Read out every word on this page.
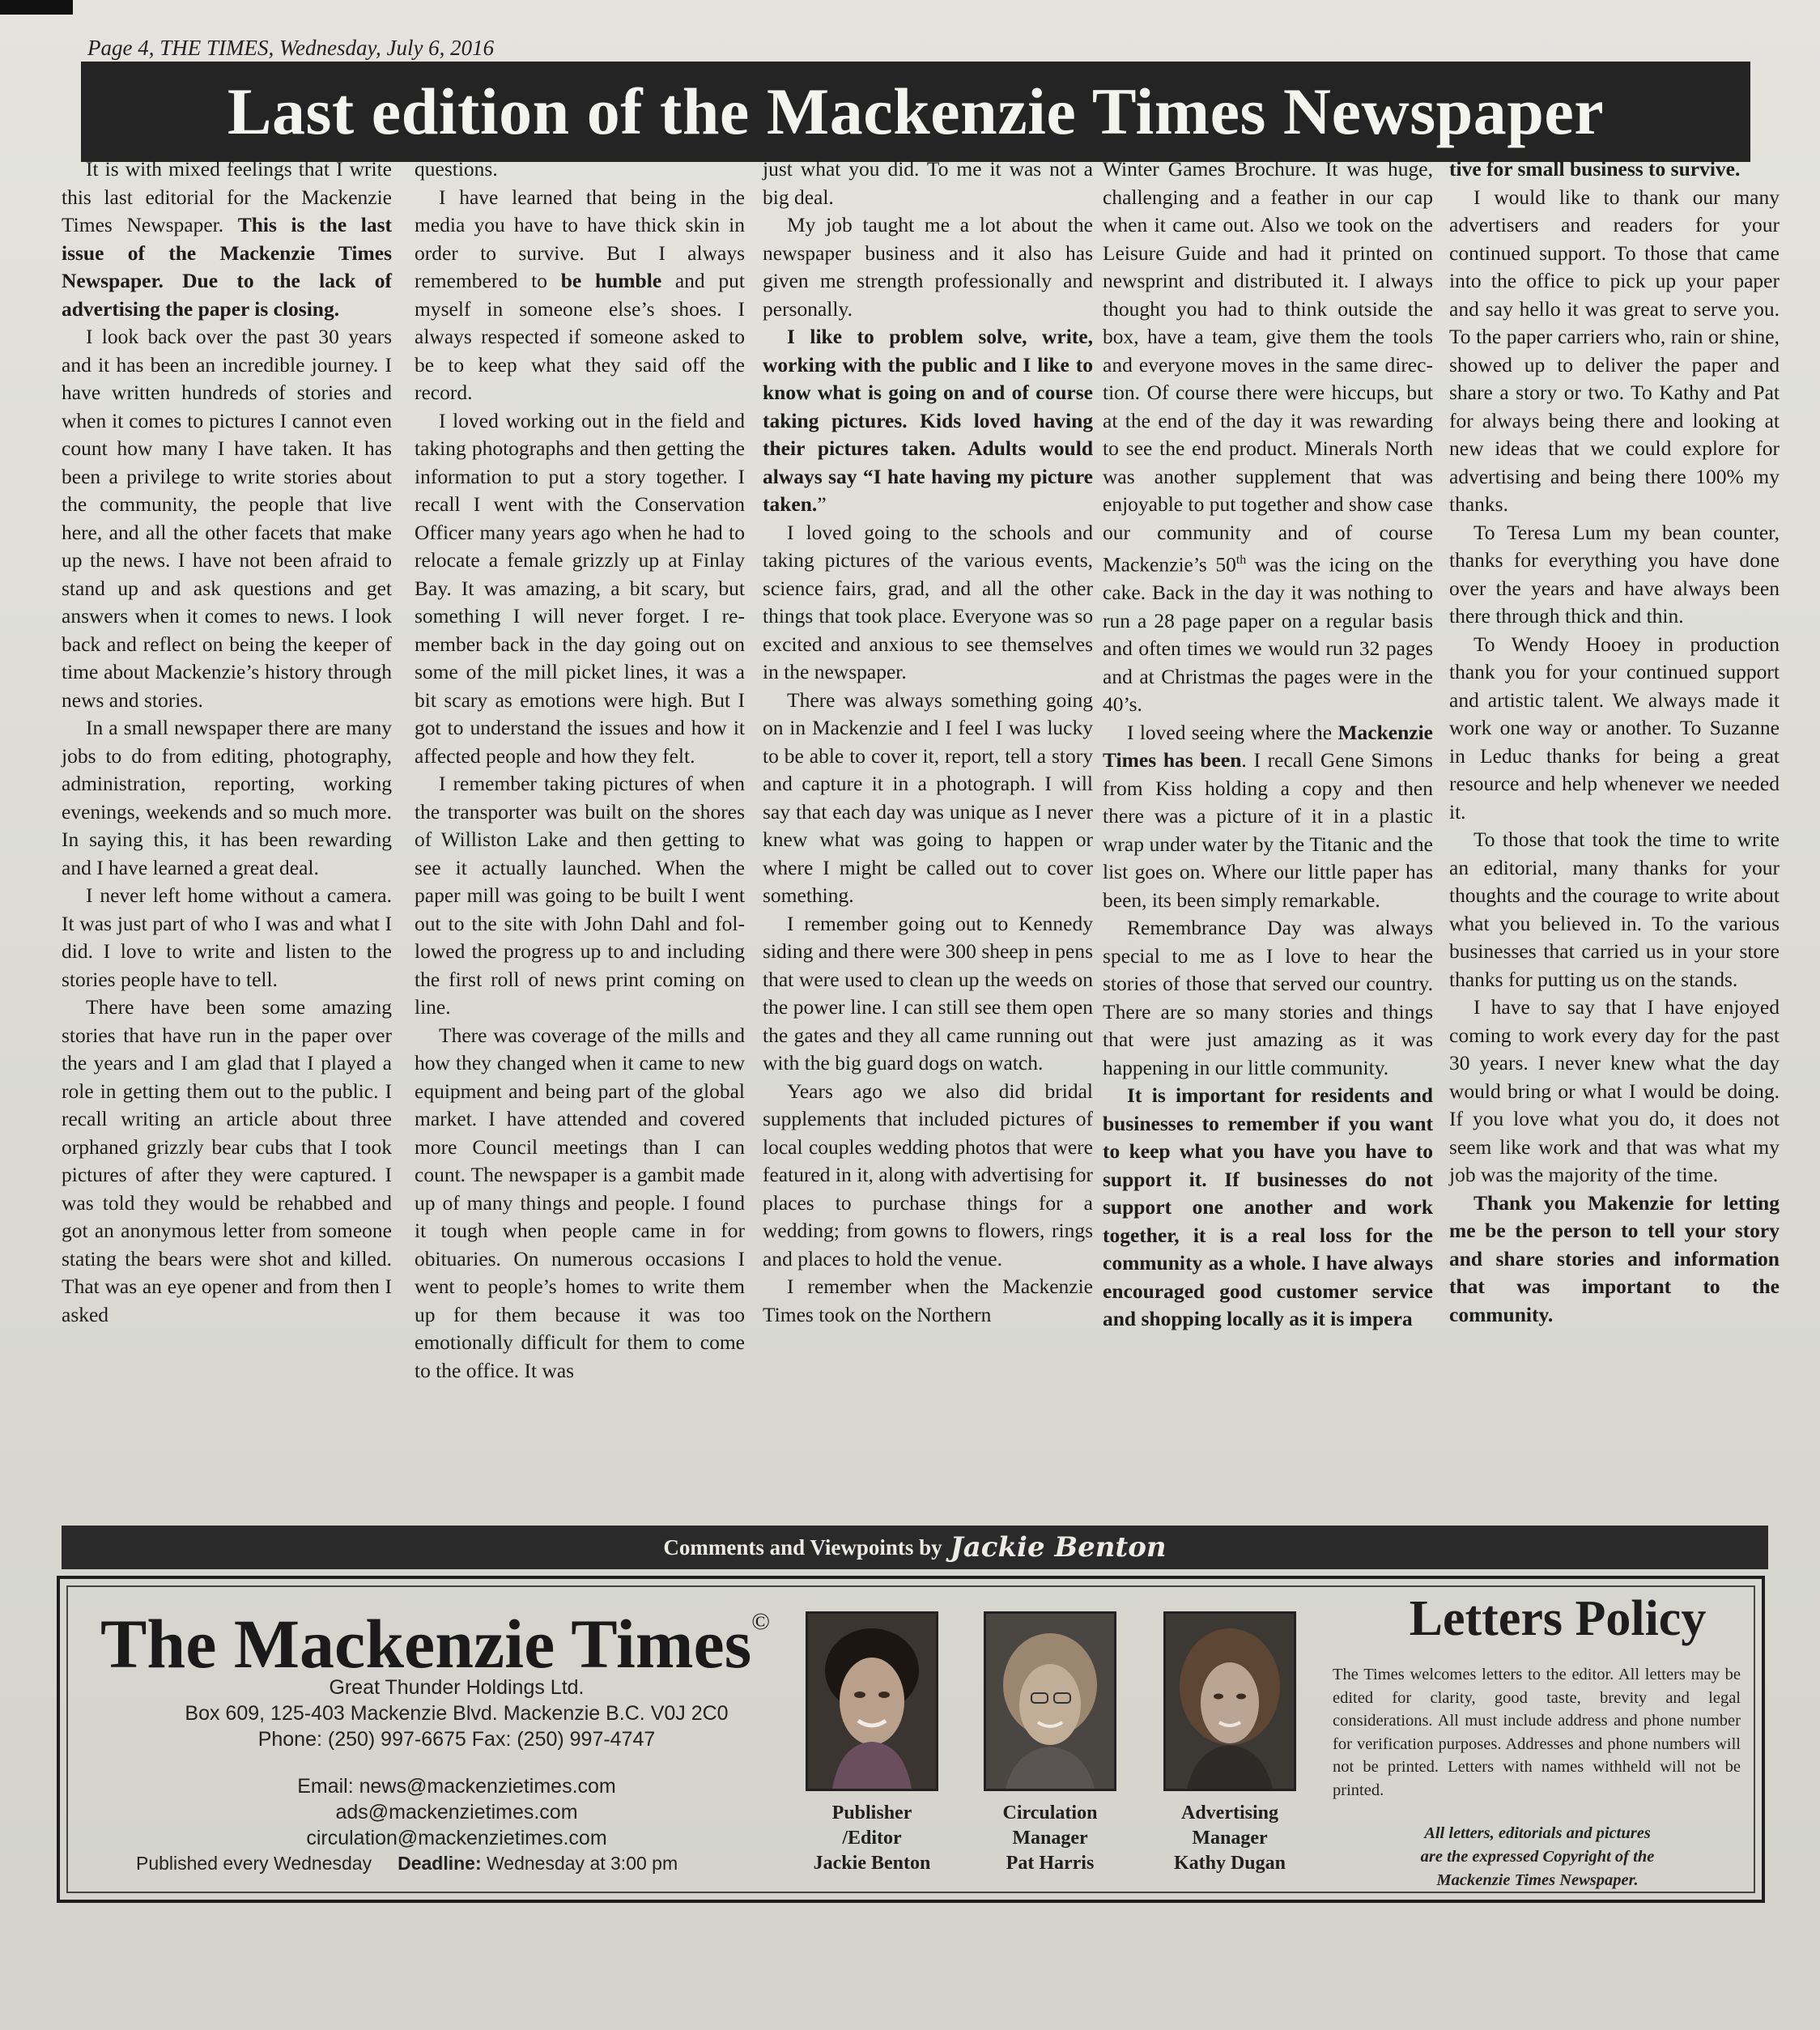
Page 4, THE TIMES, Wednesday, July 6, 2016
Last edition of the Mackenzie Times Newspaper

It is with mixed feelings that I write this last editorial for the Mackenzie Times Newspaper. This is the last issue of the Mackenzie Times Newspaper. Due to the lack of advertising the paper is closing.

I look back over the past 30 years and it has been an incredible journey. I have written hundreds of stories and when it comes to pictures I cannot even count how many I have taken. It has been a privilege to write stories about the community, the people that live here, and all the other facets that make up the news. I have not been afraid to stand up and ask questions and get answers when it comes to news. I look back and reflect on being the keeper of time about Mackenzie’s history through news and stories.

In a small newspaper there are many jobs to do from editing, photography, administration, reporting, working evenings, weekends and so much more. In saying this, it has been rewarding and I have learned a great deal.

I never left home without a camera. It was just part of who I was and what I did. I love to write and listen to the stories people have to tell.

There have been some amazing stories that have run in the paper over the years and I am glad that I played a role in getting them out to the public. I recall writing an article about three orphaned grizzly bear cubs that I took pictures of after they were captured. I was told they would be rehabbed and got an anonymous letter from someone stating the bears were shot and killed. That was an eye opener and from then I asked

questions.

I have learned that being in the media you have to have thick skin in order to survive. But I always remembered to be humble and put myself in someone else’s shoes. I always respected if someone asked to be to keep what they said off the record.

I loved working out in the field and taking photographs and then getting the information to put a story together. I recall I went with the Conservation Officer many years ago when he had to relocate a female grizzly up at Finlay Bay. It was amazing, a bit scary, but something I will never forget. I remember back in the day going out on some of the mill picket lines, it was a bit scary as emotions were high. But I got to understand the issues and how it affected people and how they felt.

I remember taking pictures of when the transporter was built on the shores of Williston Lake and then getting to see it actually launched. When the paper mill was going to be built I went out to the site with John Dahl and followed the progress up to and including the first roll of news print coming on line.

There was coverage of the mills and how they changed when it came to new equipment and being part of the global market. I have attended and covered more Council meetings than I can count. The newspaper is a gambit made up of many things and people. I found it tough when people came in for obituaries. On numerous occasions I went to people’s homes to write them up for them because it was too emotionally difficult for them to come to the office. It was

just what you did. To me it was not a big deal.

My job taught me a lot about the newspaper business and it also has given me strength professionally and personally.

I like to problem solve, write, working with the public and I like to know what is going on and of course taking pictures. Kids loved having their pictures taken. Adults would always say “I hate having my picture taken.”

I loved going to the schools and taking pictures of the various events, science fairs, grad, and all the other things that took place. Everyone was so excited and anxious to see themselves in the newspaper.

There was always something going on in Mackenzie and I feel I was lucky to be able to cover it, report, tell a story and capture it in a photograph. I will say that each day was unique as I never knew what was going to happen or where I might be called out to cover something.

I remember going out to Kennedy siding and there were 300 sheep in pens that were used to clean up the weeds on the power line. I can still see them open the gates and they all came running out with the big guard dogs on watch.

Years ago we also did bridal supplements that included pictures of local couples wedding photos that were featured in it, along with advertising for places to purchase things for a wedding; from gowns to flowers, rings and places to hold the venue.

I remember when the Mackenzie Times took on the Northern

Winter Games Brochure. It was huge, challenging and a feather in our cap when it came out. Also we took on the Leisure Guide and had it printed on newsprint and distributed it. I always thought you had to think outside the box, have a team, give them the tools and everyone moves in the same direction. Of course there were hiccups, but at the end of the day it was rewarding to see the end product. Minerals North was another supplement that was enjoyable to put together and show case our community and of course Mackenzie’s 50th was the icing on the cake. Back in the day it was nothing to run a 28 page paper on a regular basis and often times we would run 32 pages and at Christmas the pages were in the 40’s.

I loved seeing where the Mackenzie Times has been. I recall Gene Simons from Kiss holding a copy and then there was a picture of it in a plastic wrap under water by the Titanic and the list goes on. Where our little paper has been, its been simply remarkable.

Remembrance Day was always special to me as I love to hear the stories of those that served our country. There are so many stories and things that were just amazing as it was happening in our little community.

It is important for residents and businesses to remember if you want to keep what you have you have to support it. If businesses do not support one another and work together, it is a real loss for the community as a whole. I have always encouraged good customer service and shopping locally as it is impera

tive for small business to survive.

I would like to thank our many advertisers and readers for your continued support. To those that came into the office to pick up your paper and say hello it was great to serve you. To the paper carriers who, rain or shine, showed up to deliver the paper and share a story or two. To Kathy and Pat for always being there and looking at new ideas that we could explore for advertising and being there 100% my thanks.

To Teresa Lum my bean counter, thanks for everything you have done over the years and have always been there through thick and thin.

To Wendy Hooey in production thank you for your continued support and artistic talent. We always made it work one way or another. To Suzanne in Leduc thanks for being a great resource and help whenever we needed it.

To those that took the time to write an editorial, many thanks for your thoughts and the courage to write about what you believed in. To the various businesses that carried us in your store thanks for putting us on the stands.

I have to say that I have enjoyed coming to work every day for the past 30 years. I never knew what the day would bring or what I would be doing. If you love what you do, it does not seem like work and that was what my job was the majority of the time.

Thank you Makenzie for letting me be the person to tell your story and share stories and information that was important to the community.

Comments and Viewpoints by Jackie Benton
The Mackenzie Times©
Great Thunder Holdings Ltd.
Box 609, 125-403 Mackenzie Blvd. Mackenzie B.C. V0J 2C0
Phone: (250) 997-6675 Fax: (250) 997-4747
Email: news@mackenzietimes.com
ads@mackenzietimes.com
circulation@mackenzietimes.com
Published every Wednesday Deadline: Wednesday at 3:00 pm
Publisher
/Editor
Jackie Benton
Circulation
Manager
Pat Harris
Advertising
Manager
Kathy Dugan
Letters Policy
The Times welcomes letters to the editor. All letters may be edited for clarity, good taste, brevity and legal considerations. All must include address and phone number for verification purposes. Addresses and phone numbers will not be printed. Letters with names withheld will not be printed.
All letters, editorials and pictures
are the expressed Copyright of the
Mackenzie Times Newspaper.
